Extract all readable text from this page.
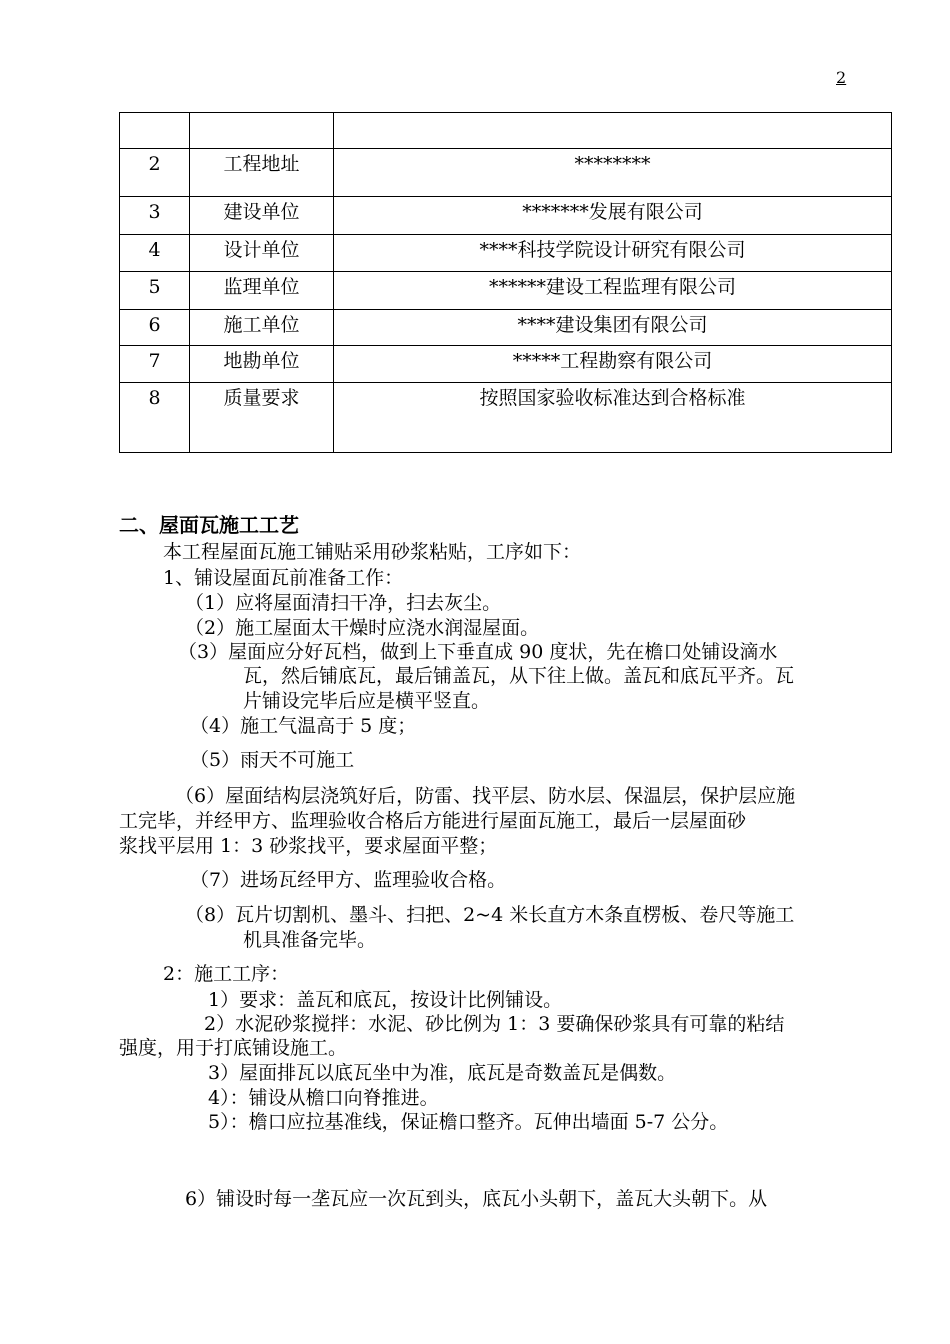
2

2	工程地址	********

3	建设单位	*******发展有限公司

4	设计单位	****科技学院设计研究有限公司

5	监理单位	******建设工程监理有限公司

6	施工单位	****建设集团有限公司

7	地勘单位	*****工程勘察有限公司

8	质量要求	按照国家验收标准达到合格标准
二、屋面瓦施工工艺
本工程屋面瓦施工铺贴采用砂浆粘贴，工序如下：
1、铺设屋面瓦前准备工作：
（1）应将屋面清扫干净，扫去灰尘。
（2）施工屋面太干燥时应浇水润湿屋面。
（3）屋面应分好瓦档，做到上下垂直成 90 度状，先在檐口处铺设滴水
瓦，然后铺底瓦，最后铺盖瓦，从下往上做。盖瓦和底瓦平齐。瓦
片铺设完毕后应是横平竖直。
（4）施工气温高于 5 度；
（5）雨天不可施工
（6）屋面结构层浇筑好后，防雷、找平层、防水层、保温层，保护层应施
工完毕，并经甲方、监理验收合格后方能进行屋面瓦施工，最后一层屋面砂
浆找平层用 1：3 砂浆找平，要求屋面平整；
（7）进场瓦经甲方、监理验收合格。
（8）瓦片切割机、墨斗、扫把、2~4 米长直方木条直楞板、卷尺等施工
机具准备完毕。
2：施工工序：
1）要求：盖瓦和底瓦，按设计比例铺设。
2）水泥砂浆搅拌：水泥、砂比例为 1：3 要确保砂浆具有可靠的粘结
强度，用于打底铺设施工。
3）屋面排瓦以底瓦坐中为准，底瓦是奇数盖瓦是偶数。
4）：铺设从檐口向脊推进。
5）：檐口应拉基准线，保证檐口整齐。瓦伸出墙面 5-7 公分。
6）铺设时每一垄瓦应一次瓦到头，底瓦小头朝下，盖瓦大头朝下。从
